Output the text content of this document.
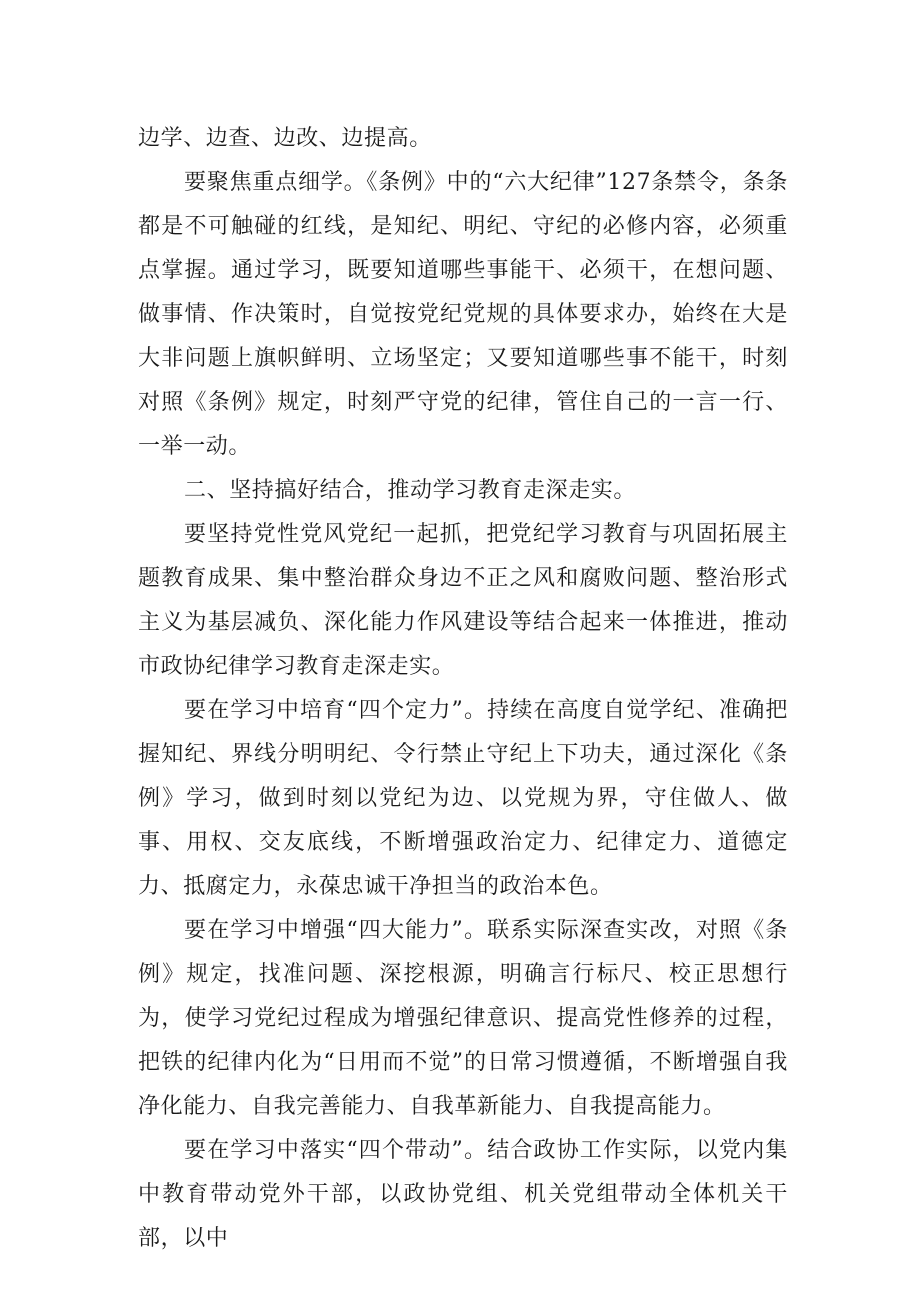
边学、边查、边改、边提高。

要聚焦重点细学。《条例》中的“六大纪律”127条禁令，条条都是不可触碰的红线，是知纪、明纪、守纪的必修内容，必须重点掌握。通过学习，既要知道哪些事能干、必须干，在想问题、做事情、作决策时，自觉按党纪党规的具体要求办，始终在大是大非问题上旗帜鲜明、立场坚定；又要知道哪些事不能干，时刻对照《条例》规定，时刻严守党的纪律，管住自己的一言一行、一举一动。

二、坚持搞好结合，推动学习教育走深走实。

要坚持党性党风党纪一起抓，把党纪学习教育与巩固拓展主题教育成果、集中整治群众身边不正之风和腐败问题、整治形式主义为基层减负、深化能力作风建设等结合起来一体推进，推动市政协纪律学习教育走深走实。

要在学习中培育“四个定力”。持续在高度自觉学纪、准确把握知纪、界线分明明纪、令行禁止守纪上下功夫，通过深化《条例》学习，做到时刻以党纪为边、以党规为界，守住做人、做事、用权、交友底线，不断增强政治定力、纪律定力、道德定力、抵腐定力，永葆忠诚干净担当的政治本色。

要在学习中增强“四大能力”。联系实际深查实改，对照《条例》规定，找准问题、深挖根源，明确言行标尺、校正思想行为，使学习党纪过程成为增强纪律意识、提高党性修养的过程，把铁的纪律内化为“日用而不觉”的日常习惯遵循，不断增强自我净化能力、自我完善能力、自我革新能力、自我提高能力。

要在学习中落实“四个带动”。结合政协工作实际，以党内集中教育带动党外干部，以政协党组、机关党组带动全体机关干部，以中
